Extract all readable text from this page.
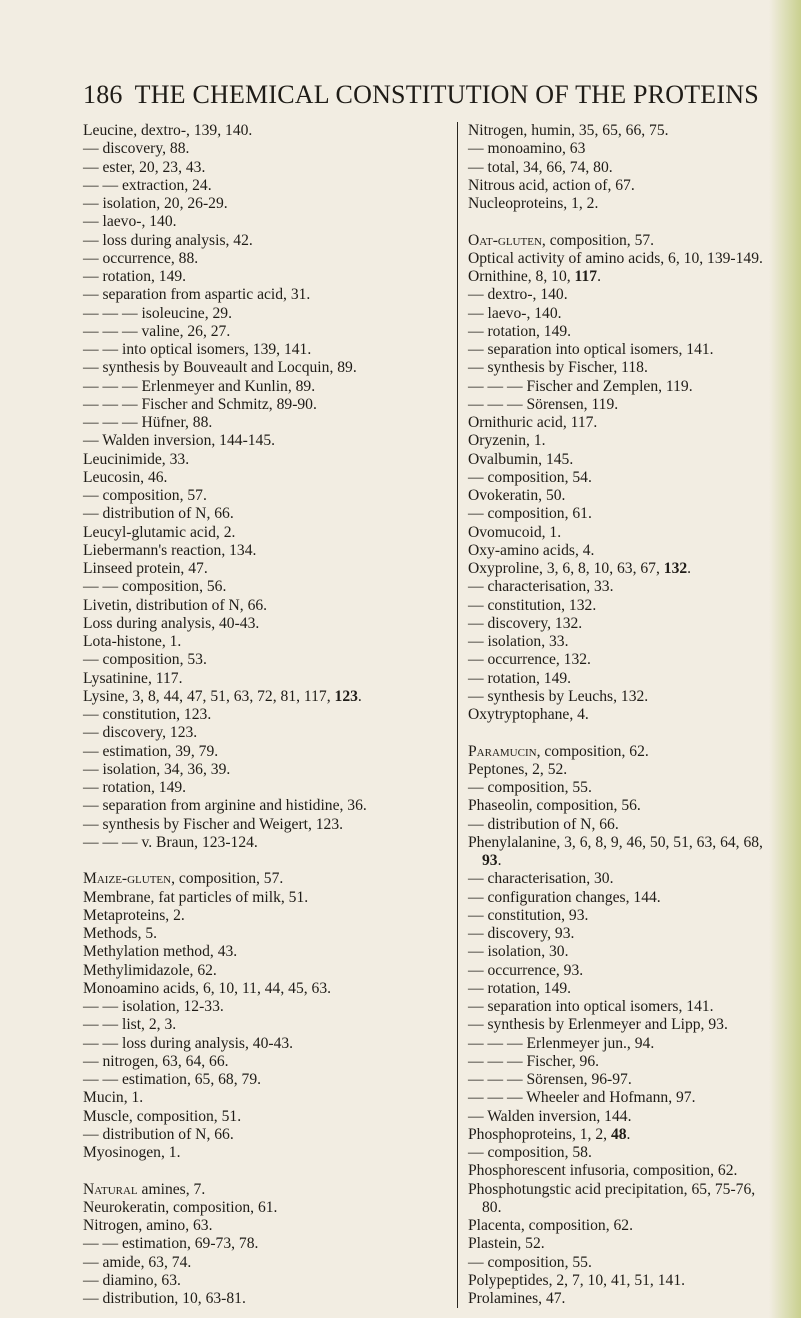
186 THE CHEMICAL CONSTITUTION OF THE PROTEINS
Leucine, dextro-, 139, 140.
— discovery, 88.
— ester, 20, 23, 43.
— — extraction, 24.
— isolation, 20, 26-29.
— laevo-, 140.
— loss during analysis, 42.
— occurrence, 88.
— rotation, 149.
— separation from aspartic acid, 31.
— — — isoleucine, 29.
— — — valine, 26, 27.
— — into optical isomers, 139, 141.
— synthesis by Bouveault and Locquin, 89.
— — — Erlenmeyer and Kunlin, 89.
— — — Fischer and Schmitz, 89-90.
— — — Hüfner, 88.
— Walden inversion, 144-145.
Leucinimide, 33.
Leucosin, 46.
— composition, 57.
— distribution of N, 66.
Leucyl-glutamic acid, 2.
Liebermann's reaction, 134.
Linseed protein, 47.
— — composition, 56.
Livetin, distribution of N, 66.
Loss during analysis, 40-43.
Lota-histone, 1.
— composition, 53.
Lysatinine, 117.
Lysine, 3, 8, 44, 47, 51, 63, 72, 81, 117, 123.
— constitution, 123.
— discovery, 123.
— estimation, 39, 79.
— isolation, 34, 36, 39.
— rotation, 149.
— separation from arginine and histidine, 36.
— synthesis by Fischer and Weigert, 123.
— — — v. Braun, 123-124.
Maize-gluten, composition, 57.
Membrane, fat particles of milk, 51.
Metaproteins, 2.
Methods, 5.
Methylation method, 43.
Methylimidazole, 62.
Monoamino acids, 6, 10, 11, 44, 45, 63.
— — isolation, 12-33.
— — list, 2, 3.
— — loss during analysis, 40-43.
— nitrogen, 63, 64, 66.
— — estimation, 65, 68, 79.
Mucin, 1.
Muscle, composition, 51.
— distribution of N, 66.
Myosinogen, 1.
Natural amines, 7.
Neurokeratin, composition, 61.
Nitrogen, amino, 63.
— — estimation, 69-73, 78.
— amide, 63, 74.
— diamino, 63.
— distribution, 10, 63-81.
Nitrogen, humin, 35, 65, 66, 75.
— monoamino, 63
— total, 34, 66, 74, 80.
Nitrous acid, action of, 67.
Nucleoproteins, 1, 2.
Oat-gluten, composition, 57.
Optical activity of amino acids, 6, 10, 139-149.
Ornithine, 8, 10, 117.
— dextro-, 140.
— laevo-, 140.
— rotation, 149.
— separation into optical isomers, 141.
— synthesis by Fischer, 118.
— — — Fischer and Zemplen, 119.
— — — Sörensen, 119.
Ornithuric acid, 117.
Oryzenin, 1.
Ovalbumin, 145.
— composition, 54.
Ovokeratin, 50.
— composition, 61.
Ovomucoid, 1.
Oxy-amino acids, 4.
Oxyproline, 3, 6, 8, 10, 63, 67, 132.
— characterisation, 33.
— constitution, 132.
— discovery, 132.
— isolation, 33.
— occurrence, 132.
— rotation, 149.
— synthesis by Leuchs, 132.
Oxytryptophane, 4.
Paramucin, composition, 62.
Peptones, 2, 52.
— composition, 55.
Phaseolin, composition, 56.
— distribution of N, 66.
Phenylalanine, 3, 6, 8, 9, 46, 50, 51, 63, 64, 68, 93.
— characterisation, 30.
— configuration changes, 144.
— constitution, 93.
— discovery, 93.
— isolation, 30.
— occurrence, 93.
— rotation, 149.
— separation into optical isomers, 141.
— synthesis by Erlenmeyer and Lipp, 93.
— — — Erlenmeyer jun., 94.
— — — Fischer, 96.
— — — Sörensen, 96-97.
— — — Wheeler and Hofmann, 97.
— Walden inversion, 144.
Phosphoproteins, 1, 2, 48.
— composition, 58.
Phosphorescent infusoria, composition, 62.
Phosphotungstic acid precipitation, 65, 75-76, 80.
Placenta, composition, 62.
Plastein, 52.
— composition, 55.
Polypeptides, 2, 7, 10, 41, 51, 141.
Prolamines, 47.
